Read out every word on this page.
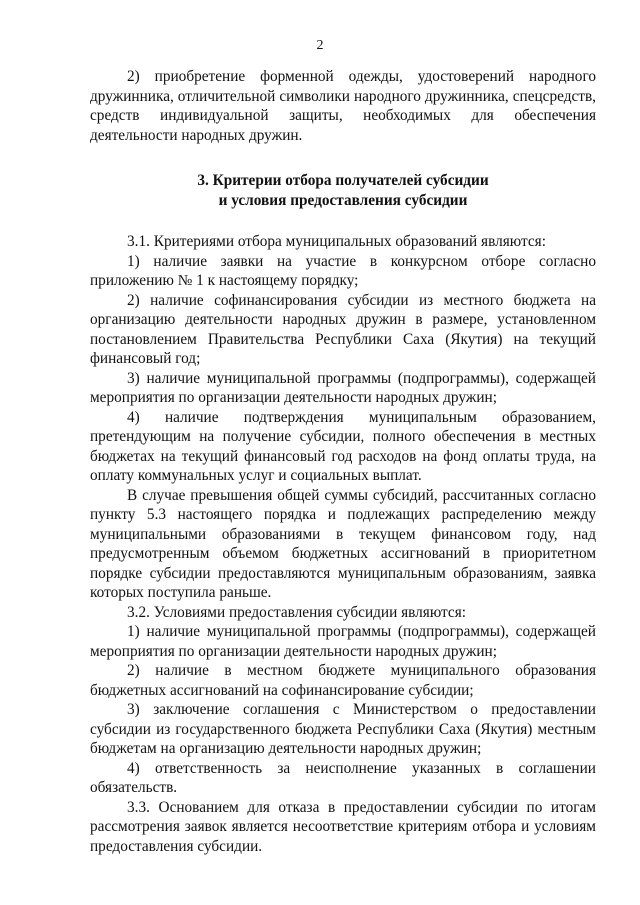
2

2) приобретение форменной одежды, удостоверений народного дружинника, отличительной символики народного дружинника, спецсредств, средств индивидуальной защиты, необходимых для обеспечения деятельности народных дружин.

3. Критерии отбора получателей субсидии
и условия предоставления субсидии

3.1. Критериями отбора муниципальных образований являются:

1) наличие заявки на участие в конкурсном отборе согласно приложению № 1 к настоящему порядку;

2) наличие софинансирования субсидии из местного бюджета на организацию деятельности народных дружин в размере, установленном постановлением Правительства Республики Саха (Якутия) на текущий финансовый год;

3) наличие муниципальной программы (подпрограммы), содержащей мероприятия по организации деятельности народных дружин;

4) наличие подтверждения муниципальным образованием, претендующим на получение субсидии, полного обеспечения в местных бюджетах на текущий финансовый год расходов на фонд оплаты труда, на оплату коммунальных услуг и социальных выплат.

В случае превышения общей суммы субсидий, рассчитанных согласно пункту 5.3 настоящего порядка и подлежащих распределению между муниципальными образованиями в текущем финансовом году, над предусмотренным объемом бюджетных ассигнований в приоритетном порядке субсидии предоставляются муниципальным образованиям, заявка которых поступила раньше.

3.2. Условиями предоставления субсидии являются:

1) наличие муниципальной программы (подпрограммы), содержащей мероприятия по организации деятельности народных дружин;

2) наличие в местном бюджете муниципального образования бюджетных ассигнований на софинансирование субсидии;

3) заключение соглашения с Министерством о предоставлении субсидии из государственного бюджета Республики Саха (Якутия) местным бюджетам на организацию деятельности народных дружин;

4) ответственность за неисполнение указанных в соглашении обязательств.

3.3. Основанием для отказа в предоставлении субсидии по итогам рассмотрения заявок является несоответствие критериям отбора и условиям предоставления субсидии.
